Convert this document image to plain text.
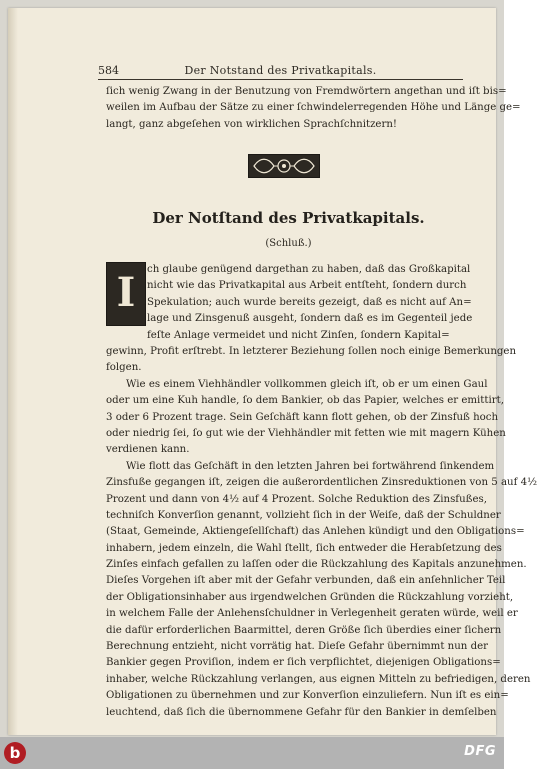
584	Der Notstand des Privatkapitals.
ſich wenig Zwang in der Benutzung von Fremdwörtern angethan und iſt bis=
weilen im Aufbau der Sätze zu einer ſchwindelerregenden Höhe und Länge ge=
langt, ganz abgeſehen von wirklichen Sprachſchnitzern!
Der Notſtand des Privatkapitals.
(Schluß.)
I	ch glaube genügend dargethan zu haben, daß das Großkapital
nicht wie das Privatkapital aus Arbeit entſteht, ſondern durch
Spekulation; auch wurde bereits gezeigt, daß es nicht auf An=
lage und Zinsgenuß ausgeht, ſondern daß es im Gegenteil jede
feſte Anlage vermeidet und nicht Zinſen, ſondern Kapital=
gewinn, Profit erſtrebt. In letzterer Beziehung ſollen noch einige Bemerkungen
folgen.
Wie es einem Viehhändler vollkommen gleich iſt, ob er um einen Gaul
oder um eine Kuh handle, ſo dem Bankier, ob das Papier, welches er emittirt,
3 oder 6 Prozent trage. Sein Geſchäft kann flott gehen, ob der Zinsfuß hoch
oder niedrig ſei, ſo gut wie der Viehhändler mit fetten wie mit magern Kühen
verdienen kann.
Wie flott das Geſchäft in den letzten Jahren bei fortwährend ſinkendem
Zinsfuße gegangen iſt, zeigen die außerordentlichen Zinsreduktionen von 5 auf 4½
Prozent und dann von 4½ auf 4 Prozent. Solche Reduktion des Zinsfußes,
techniſch Konverſion genannt, vollzieht ſich in der Weiſe, daß der Schuldner
(Staat, Gemeinde, Aktiengeſellſchaft) das Anlehen kündigt und den Obligations=
inhabern, jedem einzeln, die Wahl ſtellt, ſich entweder die Herabſetzung des
Zinſes einfach gefallen zu laſſen oder die Rückzahlung des Kapitals anzunehmen.
Dieſes Vorgehen iſt aber mit der Gefahr verbunden, daß ein anſehnlicher Teil
der Obligationsinhaber aus irgendwelchen Gründen die Rückzahlung vorzieht,
in welchem Falle der Anlehensſchuldner in Verlegenheit geraten würde, weil er
die dafür erforderlichen Baarmittel, deren Größe ſich überdies einer ſichern
Berechnung entzieht, nicht vorrätig hat. Dieſe Gefahr übernimmt nun der
Bankier gegen Proviſion, indem er ſich verpflichtet, diejenigen Obligations=
inhaber, welche Rückzahlung verlangen, aus eignen Mitteln zu befriedigen, deren
Obligationen zu übernehmen und zur Konverſion einzuliefern. Nun iſt es ein=
leuchtend, daß ſich die übernommene Gefahr für den Bankier in demſelben
b	DFG
